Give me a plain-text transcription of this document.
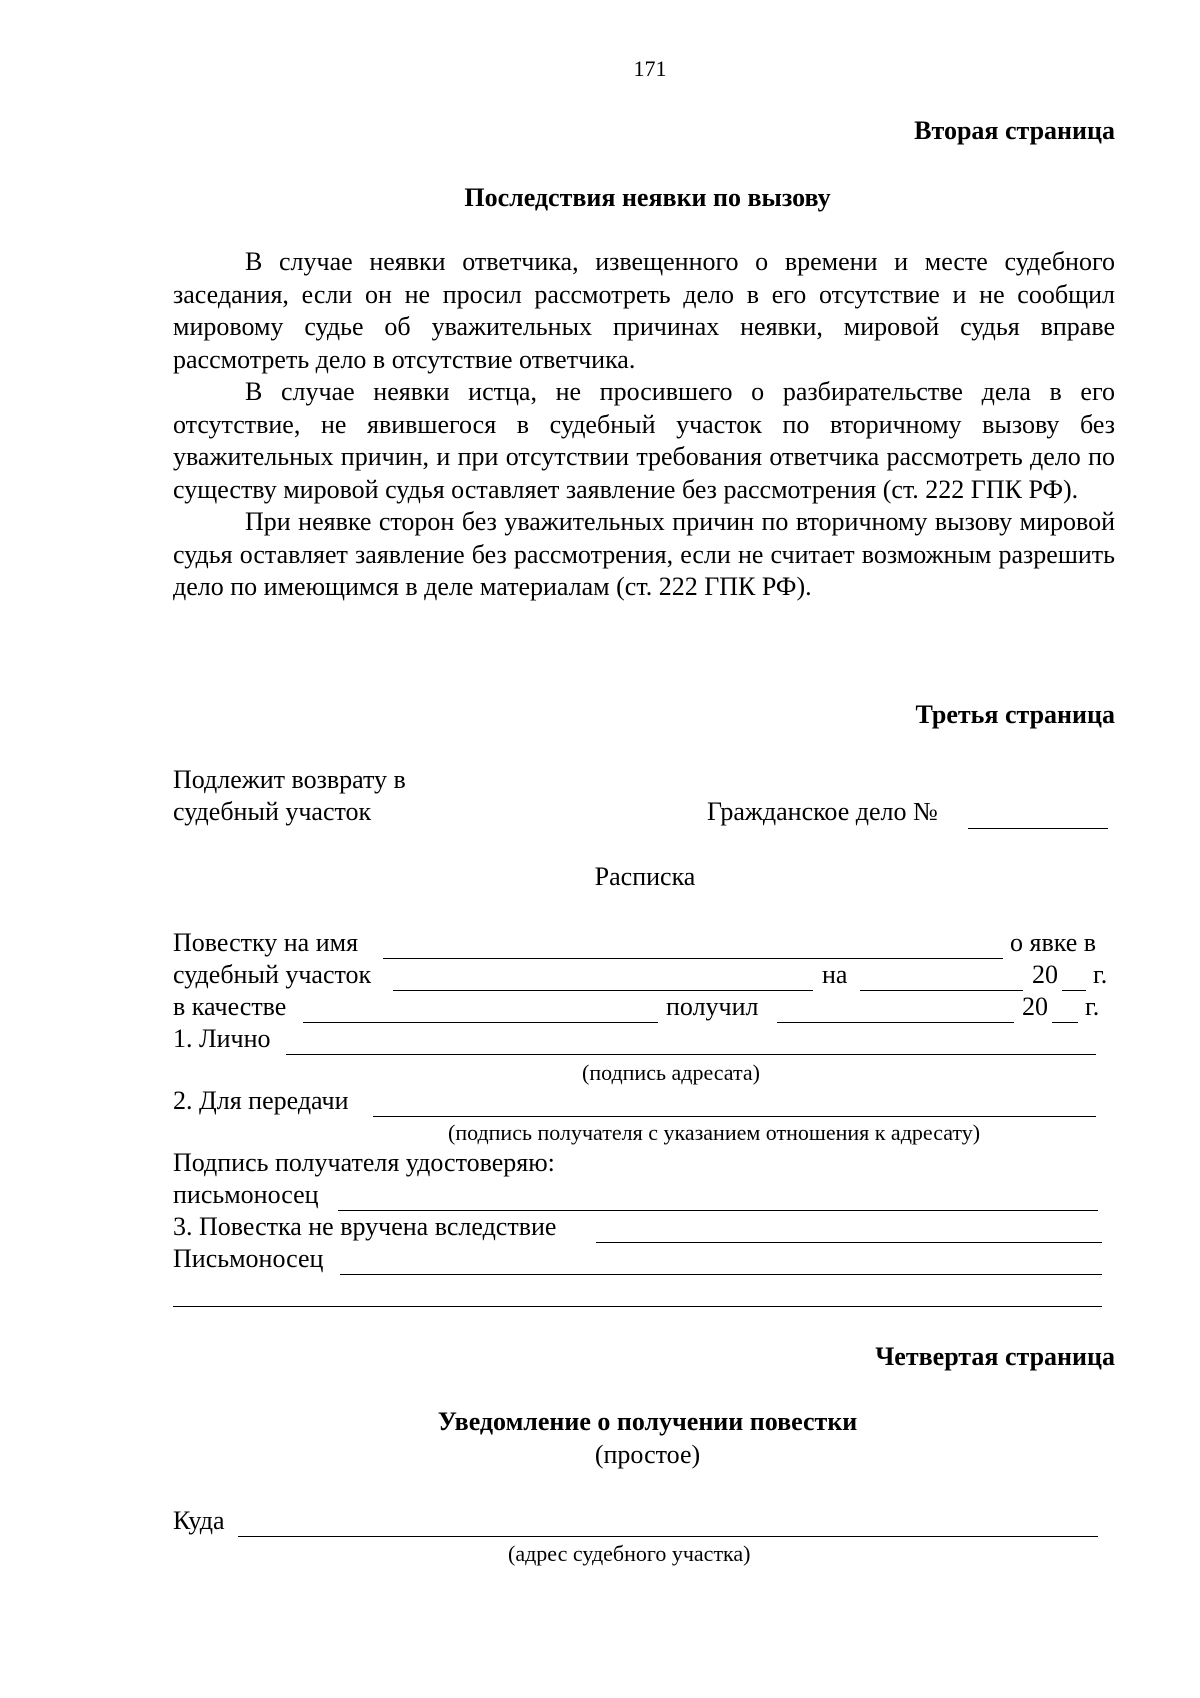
171
Вторая страница
Последствия неявки по вызову

В случае неявки ответчика, извещенного о времени и месте судебного заседания, если он не просил рассмотреть дело в его отсутствие и не сообщил мировому судье об уважительных причинах неявки, мировой судья вправе рассмотреть дело в отсутствие ответчика.

В случае неявки истца, не просившего о разбирательстве дела в его отсутствие, не явившегося в судебный участок по вторичному вызову без уважительных причин, и при отсутствии требования ответчика рассмотреть дело по существу мировой судья оставляет заявление без рассмотрения (ст. 222 ГПК РФ).

При неявке сторон без уважительных причин по вторичному вызову мировой судья оставляет заявление без рассмотрения, если не считает возможным разрешить дело по имеющимся в деле материалам (ст. 222 ГПК РФ).

Третья страница
Подлежит возврату в
судебный участок	Гражданское дело №
Расписка
Повестку на имя	о явке в
судебный участок	на	20 г.
в качестве	получил	20 г.
1. Лично
(подпись адресата)
2. Для передачи
(подпись получателя с указанием отношения к адресату)
Подпись получателя удостоверяю:
письмоносец
3. Повестка не вручена вследствие
Письмоносец
Четвертая страница
Уведомление о получении повестки
(простое)
Куда
(адрес судебного участка)
